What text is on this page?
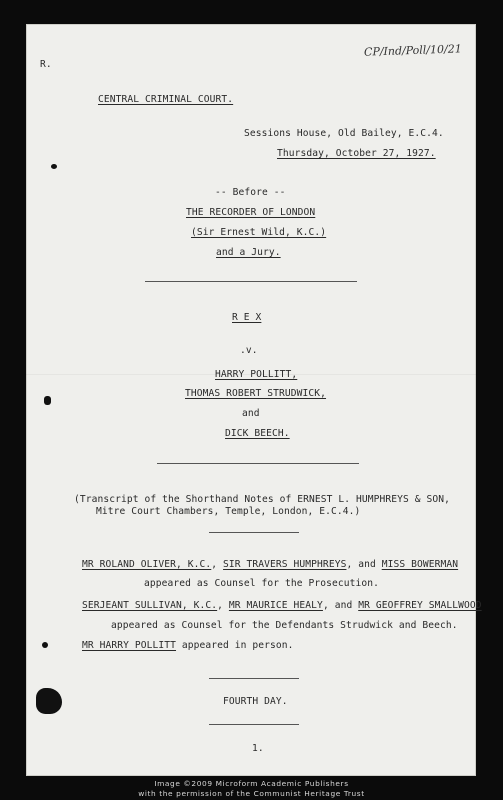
CP/Ind/Poll/10/21
R.
CENTRAL CRIMINAL COURT.
Sessions House, Old Bailey, E.C.4.
Thursday, October 27, 1927.
-- Before --
THE RECORDER OF LONDON
(Sir Ernest Wild, K.C.)
and a Jury.
R E X
.v.
HARRY POLLITT,
THOMAS ROBERT STRUDWICK,
and
DICK BEECH.
(Transcript of the Shorthand Notes of ERNEST L. HUMPHREYS & SON,
Mitre Court Chambers, Temple, London, E.C.4.)
MR ROLAND OLIVER, K.C., SIR TRAVERS HUMPHREYS, and MISS BOWERMAN
appeared as Counsel for the Prosecution.
SERJEANT SULLIVAN, K.C., MR MAURICE HEALY, and MR GEOFFREY SMALLWOOD
appeared as Counsel for the Defendants Strudwick and Beech.
MR HARRY POLLITT appeared in person.
FOURTH DAY.
1.
Image ©2009 Microform Academic Publishers
with the permission of the Communist Heritage Trust
